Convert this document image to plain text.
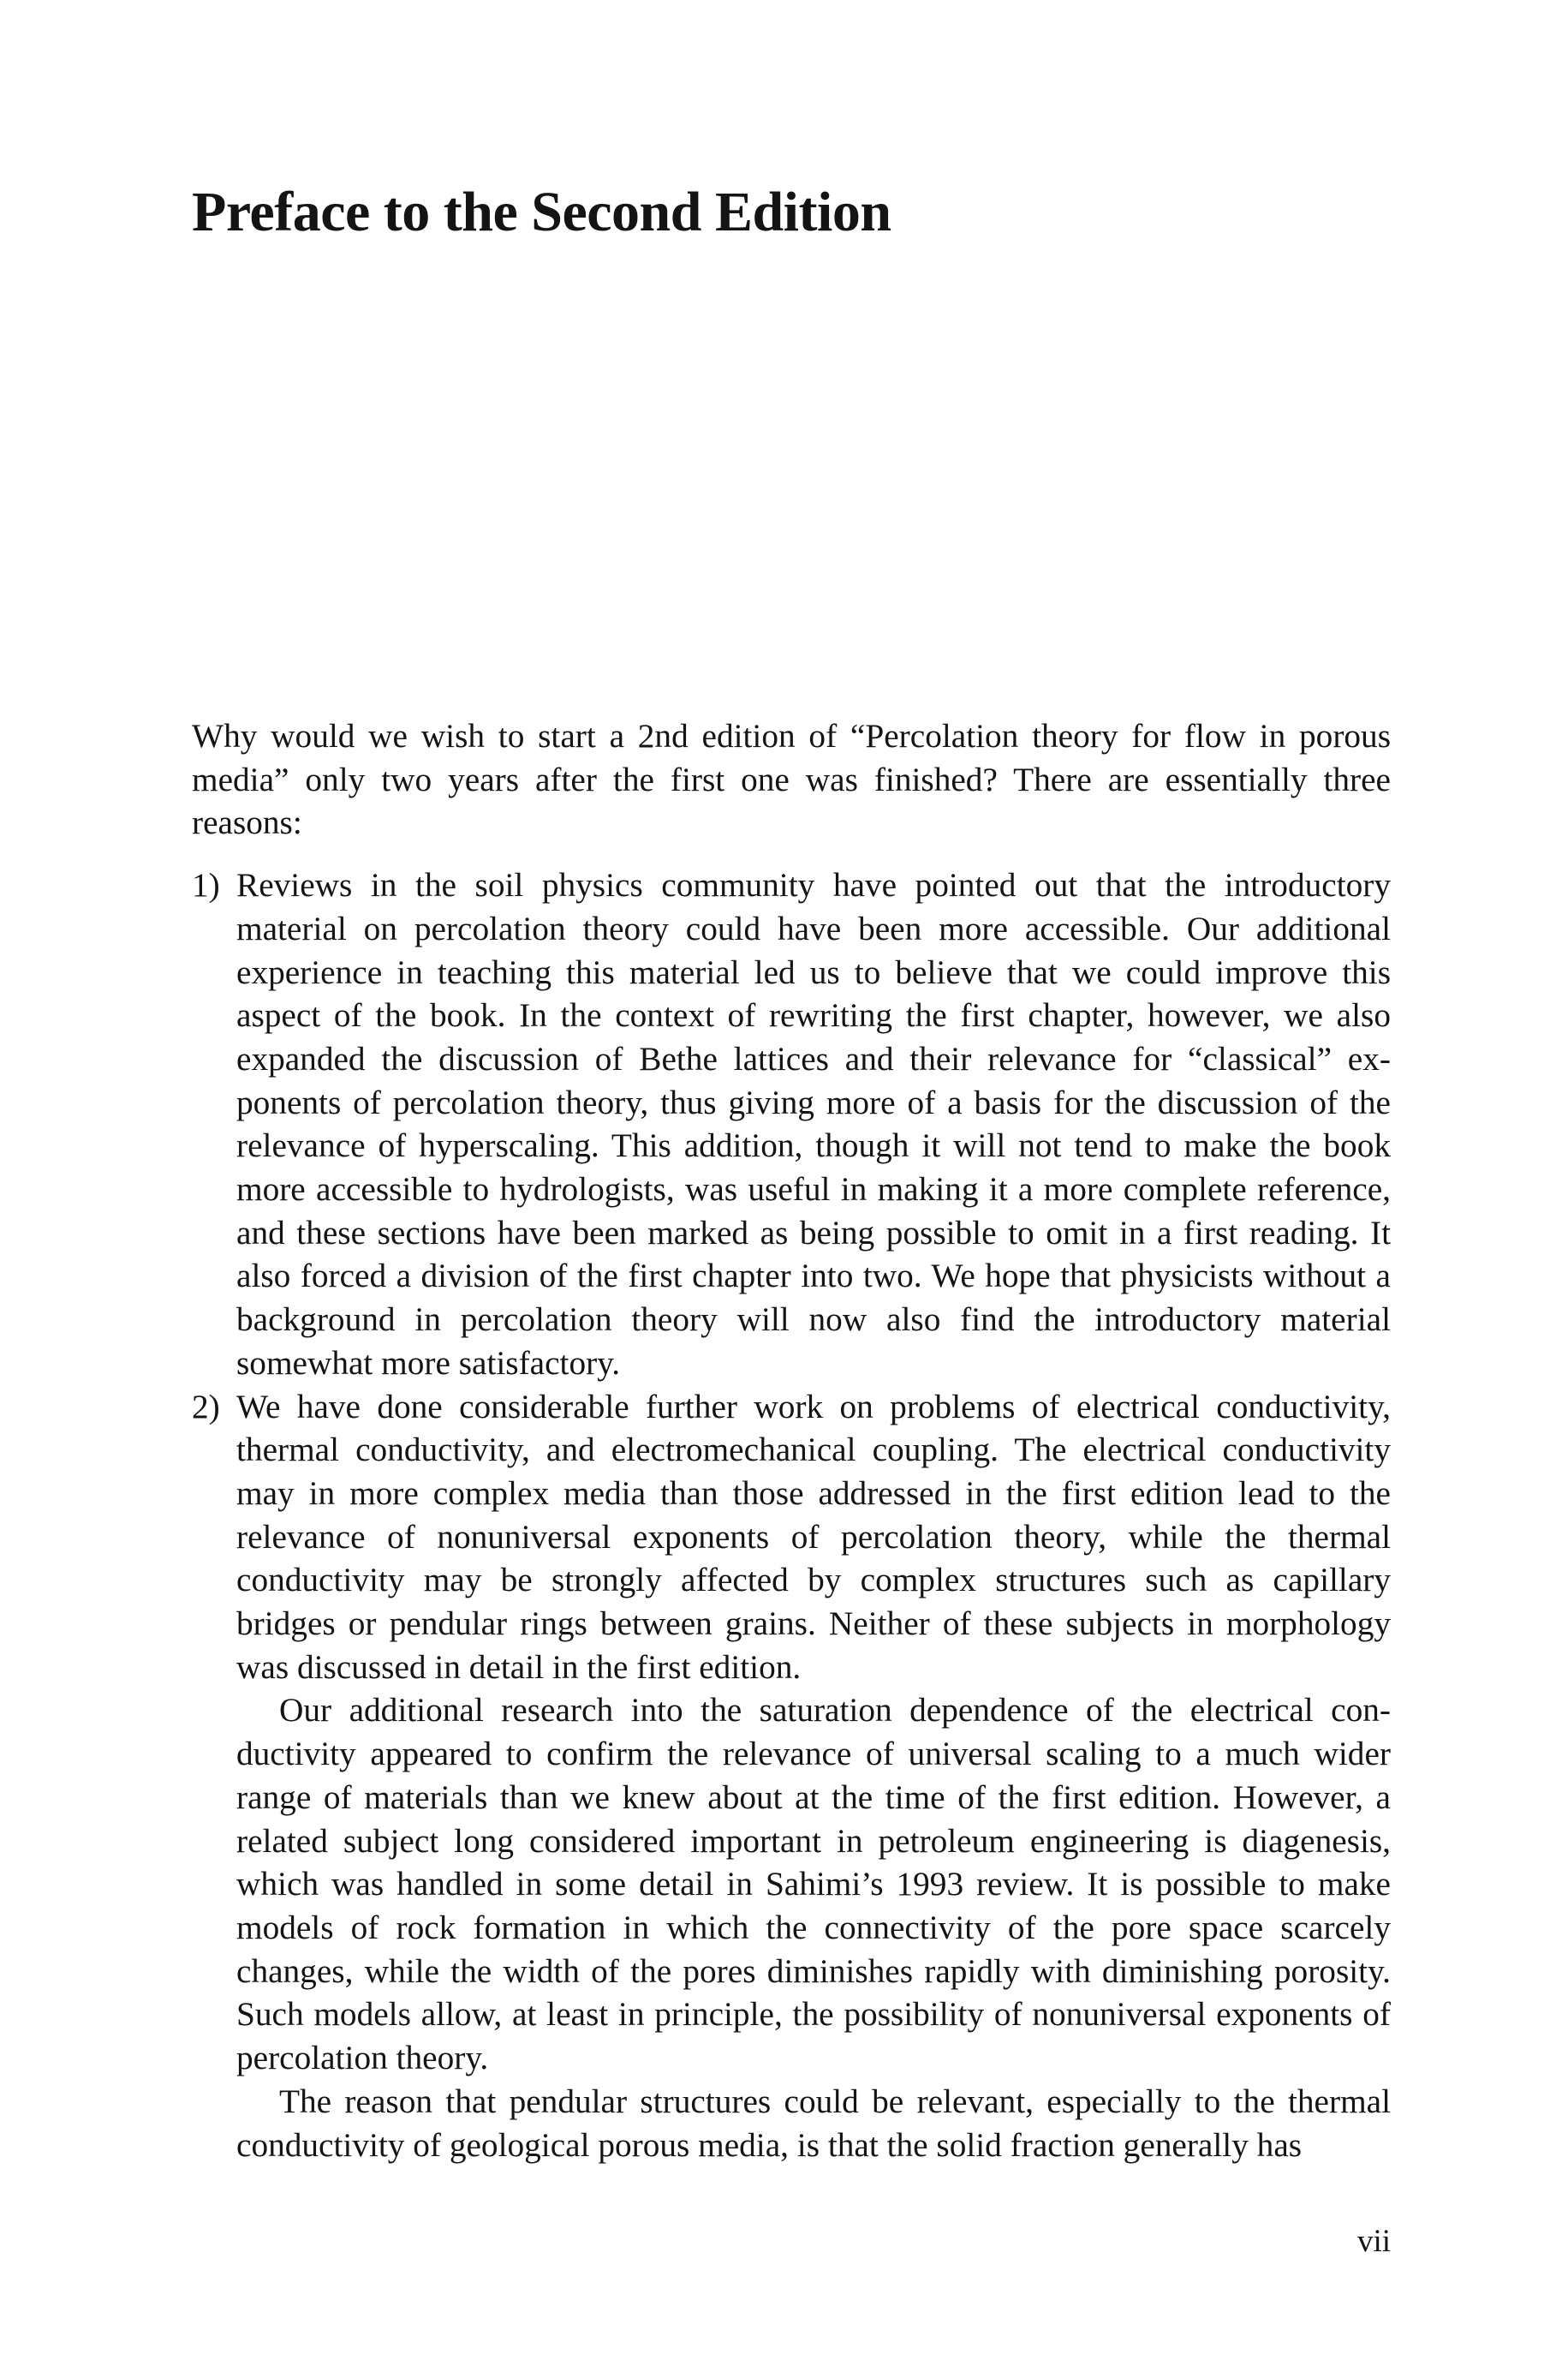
Preface to the Second Edition

Why would we wish to start a 2nd edition of “Percolation theory for flow in porous media” only two years after the first one was finished? There are essentially three reasons:

1) Reviews in the soil physics community have pointed out that the introductory material on percolation theory could have been more accessible. Our additional experience in teaching this material led us to believe that we could improve this aspect of the book. In the context of rewriting the first chapter, however, we also expanded the discussion of Bethe lattices and their relevance for “classical” exponents of percolation theory, thus giving more of a basis for the discussion of the relevance of hyperscaling. This addition, though it will not tend to make the book more accessible to hydrologists, was useful in making it a more complete reference, and these sections have been marked as being possible to omit in a first reading. It also forced a division of the first chapter into two. We hope that physicists without a background in percolation theory will now also find the introductory material somewhat more satisfactory.

2) We have done considerable further work on problems of electrical conductivity, thermal conductivity, and electromechanical coupling. The electrical conductivity may in more complex media than those addressed in the first edition lead to the relevance of nonuniversal exponents of percolation theory, while the thermal conductivity may be strongly affected by complex structures such as capillary bridges or pendular rings between grains. Neither of these subjects in morphology was discussed in detail in the first edition.

Our additional research into the saturation dependence of the electrical conductivity appeared to confirm the relevance of universal scaling to a much wider range of materials than we knew about at the time of the first edition. However, a related subject long considered important in petroleum engineering is diagenesis, which was handled in some detail in Sahimi’s 1993 review. It is possible to make models of rock formation in which the connectivity of the pore space scarcely changes, while the width of the pores diminishes rapidly with diminishing porosity. Such models allow, at least in principle, the possibility of nonuniversal exponents of percolation theory.

The reason that pendular structures could be relevant, especially to the thermal conductivity of geological porous media, is that the solid fraction generally has

vii
